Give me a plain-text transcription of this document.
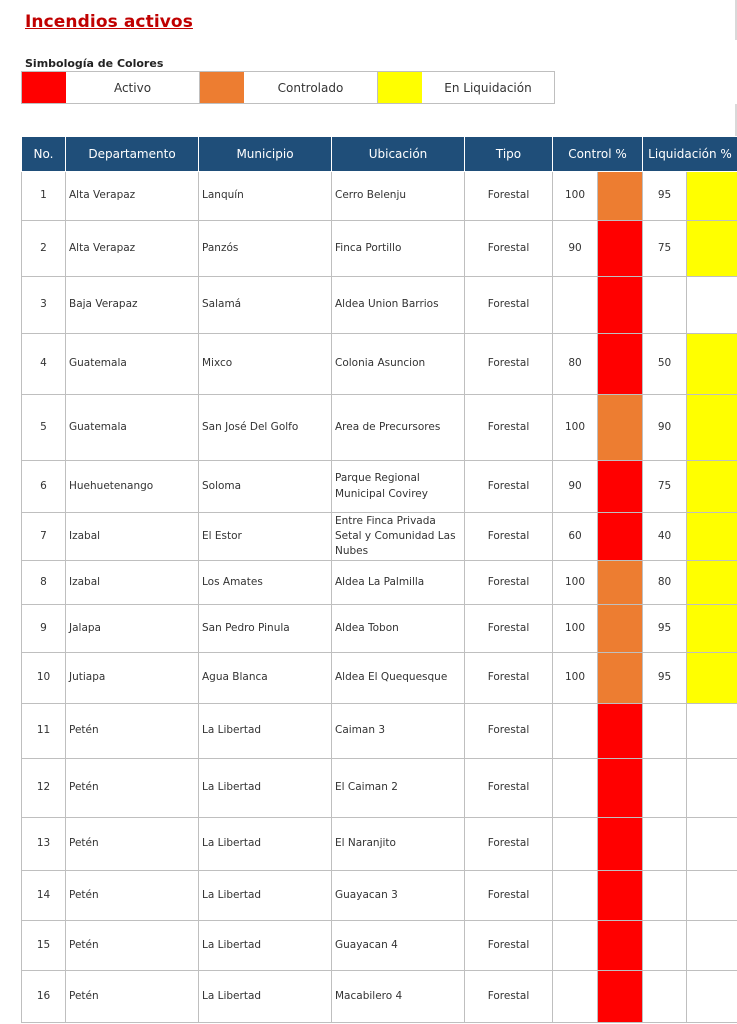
Incendios activos
Simbología de Colores
Activo	Controlado	En Liquidación
No.	Departamento	Municipio	Ubicación	Tipo	Control %		Liquidación %	
1	Alta Verapaz	Lanquín	Cerro Belenju	Forestal	100		95	
2	Alta Verapaz	Panzós	Finca Portillo	Forestal	90		75	
3	Baja Verapaz	Salamá	Aldea Union Barrios	Forestal				
4	Guatemala	Mixco	Colonia Asuncion	Forestal	80		50	
5	Guatemala	San José Del Golfo	Area de Precursores	Forestal	100		90	
6	Huehuetenango	Soloma	Parque Regional Municipal Covirey	Forestal	90		75	
7	Izabal	El Estor	Entre Finca Privada Setal y Comunidad Las Nubes	Forestal	60		40	
8	Izabal	Los Amates	Aldea La Palmilla	Forestal	100		80	
9	Jalapa	San Pedro Pinula	Aldea Tobon	Forestal	100		95	
10	Jutiapa	Agua Blanca	Aldea El Quequesque	Forestal	100		95	
11	Petén	La Libertad	Caiman 3	Forestal				
12	Petén	La Libertad	El Caiman 2	Forestal				
13	Petén	La Libertad	El Naranjito	Forestal				
14	Petén	La Libertad	Guayacan 3	Forestal				
15	Petén	La Libertad	Guayacan 4	Forestal				
16	Petén	La Libertad	Macabilero 4	Forestal				
